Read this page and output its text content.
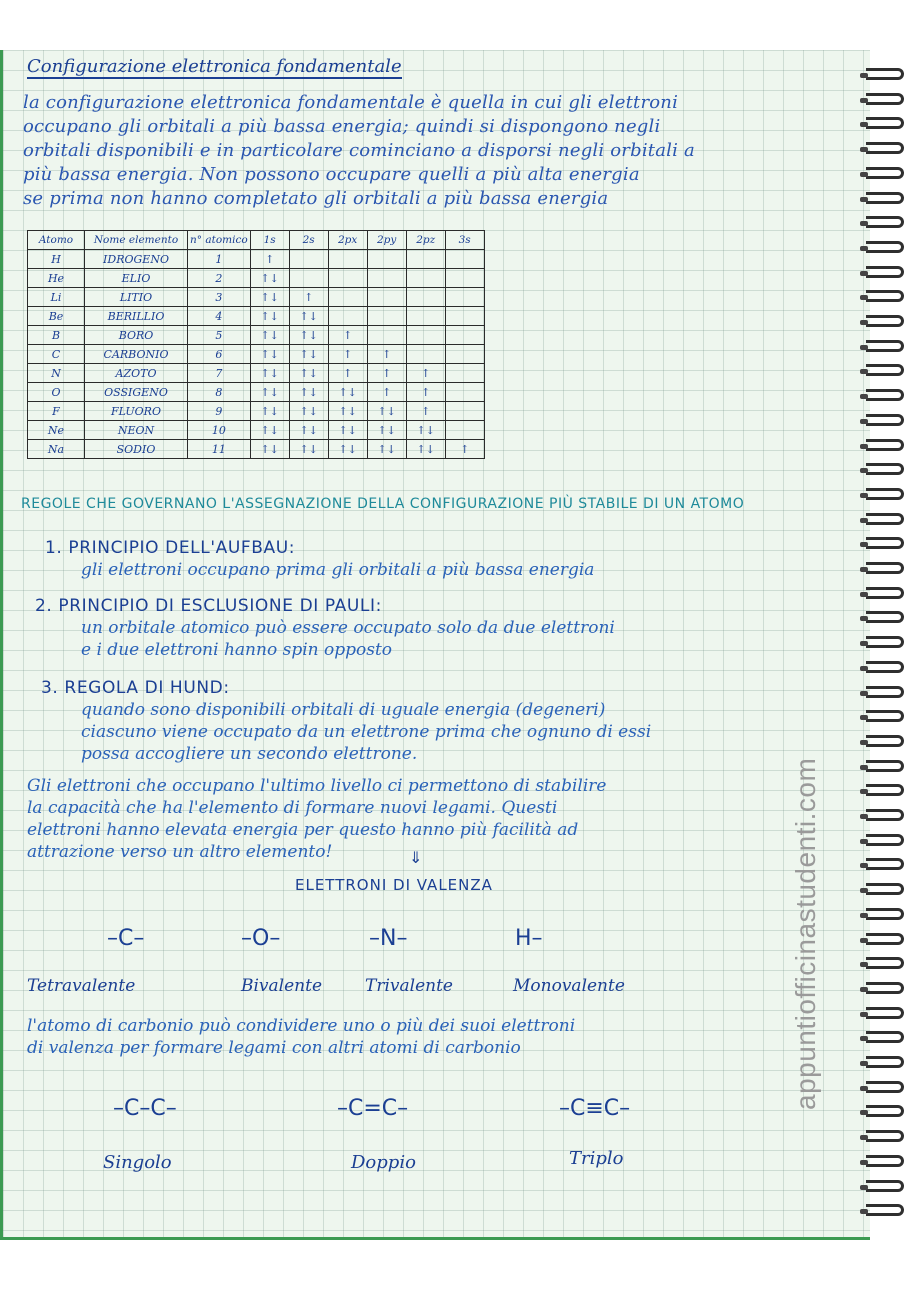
Configurazione elettronica fondamentale
la configurazione elettronica fondamentale è quella in cui gli elettroni
occupano gli orbitali a più bassa energia; quindi si dispongono negli
orbitali disponibili e in particolare cominciano a disporsi negli orbitali a
più bassa energia. Non possono occupare quelli a più alta energia
se prima non hanno completato gli orbitali a più bassa energia
Atomo	Nome elemento	n° atomico	1s	2s	2px	2py	2pz	3s
H	IDROGENO	1	↑					
He	ELIO	2	↑↓					
Li	LITIO	3	↑↓	↑				
Be	BERILLIO	4	↑↓	↑↓				
B	BORO	5	↑↓	↑↓	↑			
C	CARBONIO	6	↑↓	↑↓	↑	↑		
N	AZOTO	7	↑↓	↑↓	↑	↑	↑	
O	OSSIGENO	8	↑↓	↑↓	↑↓	↑	↑	
F	FLUORO	9	↑↓	↑↓	↑↓	↑↓	↑	
Ne	NEON	10	↑↓	↑↓	↑↓	↑↓	↑↓	
Na	SODIO	11	↑↓	↑↓	↑↓	↑↓	↑↓	↑
REGOLE CHE GOVERNANO L'ASSEGNAZIONE DELLA CONFIGURAZIONE PIÙ STABILE DI UN ATOMO
1. PRINCIPIO DELL'AUFBAU:
gli elettroni occupano prima gli orbitali a più bassa energia
2. PRINCIPIO DI ESCLUSIONE DI PAULI:
un orbitale atomico può essere occupato solo da due elettroni
e i due elettroni hanno spin opposto
3. REGOLA DI HUND:
quando sono disponibili orbitali di uguale energia (degeneri)
ciascuno viene occupato da un elettrone prima che ognuno di essi
possa accogliere un secondo elettrone.
Gli elettroni che occupano l'ultimo livello ci permettono di stabilire
la capacità che ha l'elemento di formare nuovi legami. Questi
elettroni hanno elevata energia per questo hanno più facilità ad
attrazione verso un altro elemento!	⇓
ELETTRONI DI VALENZA
–C–	–O–	–N–	H–
Tetravalente	Bivalente	Trivalente	Monovalente
l'atomo di carbonio può condividere uno o più dei suoi elettroni
di valenza per formare legami con altri atomi di carbonio
–C–C–	–C=C–	–C≡C–
Singolo	Doppio	Triplo
appuntiofficinastudenti.com
